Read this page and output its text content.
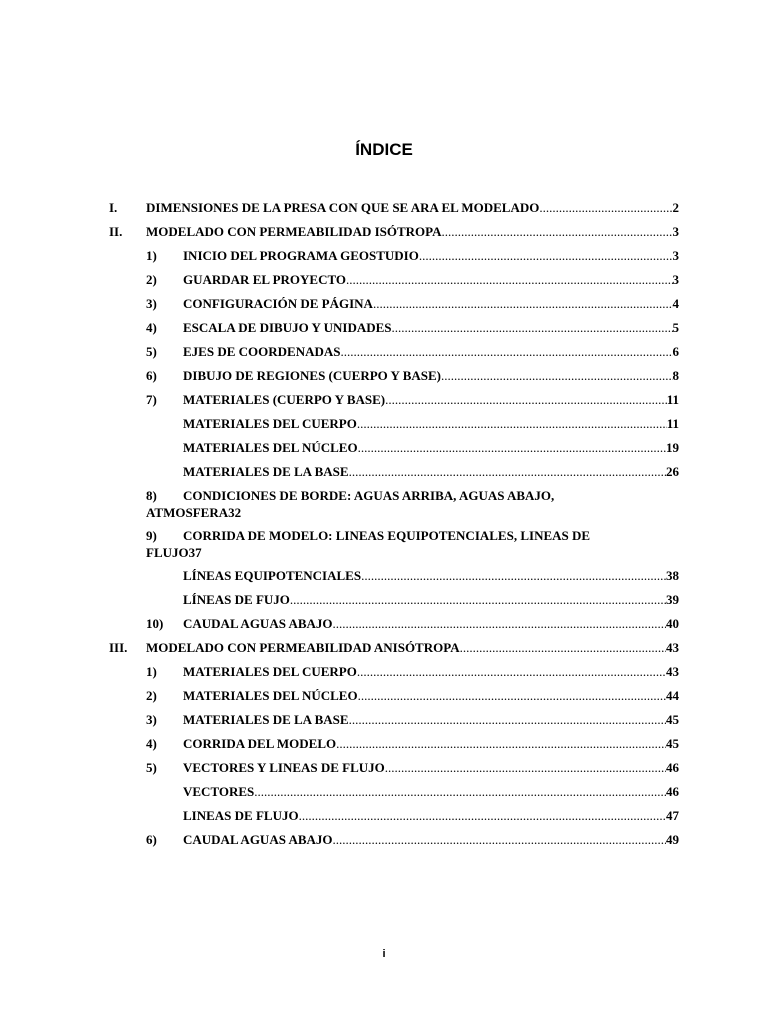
ÍNDICE
I. DIMENSIONES DE LA PRESA CON QUE SE ARA EL MODELADO .....	2
II. MODELADO CON PERMEABILIDAD ISÓTROPA .....	3
1) INICIO DEL PROGRAMA GEOSTUDIO .....	3
2) GUARDAR EL PROYECTO .....	3
3) CONFIGURACIÓN DE PÁGINA .....	4
4) ESCALA DE DIBUJO Y UNIDADES .....	5
5) EJES DE COORDENADAS .....	6
6) DIBUJO DE REGIONES (CUERPO Y BASE) .....	8
7) MATERIALES (CUERPO Y BASE) .....	11
MATERIALES DEL CUERPO .....	11
MATERIALES DEL NÚCLEO .....	19
MATERIALES DE LA BASE .....	26
8) CONDICIONES DE BORDE: AGUAS ARRIBA, AGUAS ABAJO,
ATMOSFERA 32
9) CORRIDA DE MODELO: LINEAS EQUIPOTENCIALES, LINEAS DE
FLUJO 37
LÍNEAS EQUIPOTENCIALES .....	38
LÍNEAS DE FUJO .....	39
10) CAUDAL AGUAS ABAJO .....	40
III. MODELADO CON PERMEABILIDAD ANISÓTROPA .....	43
1) MATERIALES DEL CUERPO .....	43
2) MATERIALES DEL NÚCLEO .....	44
3) MATERIALES DE LA BASE .....	45
4) CORRIDA DEL MODELO .....	45
5) VECTORES Y LINEAS DE FLUJO .....	46
VECTORES .....	46
LINEAS DE FLUJO .....	47
6) CAUDAL AGUAS ABAJO .....	49
i
